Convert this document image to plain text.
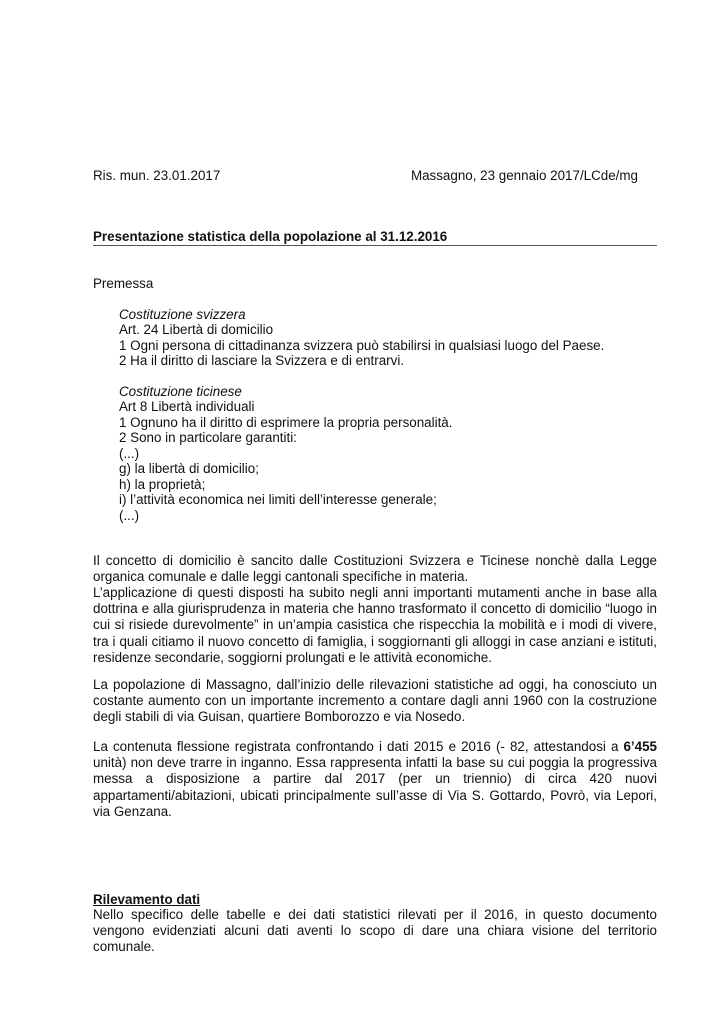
Ris. mun. 23.01.2017	Massagno, 23 gennaio 2017/LCde/mg
Presentazione statistica della popolazione al 31.12.2016
Premessa
Costituzione svizzera
Art. 24 Libertà di domicilio
1 Ogni persona di cittadinanza svizzera può stabilirsi in qualsiasi luogo del Paese.
2 Ha il diritto di lasciare la Svizzera e di entrarvi.
Costituzione ticinese
Art 8 Libertà individuali
1 Ognuno ha il diritto di esprimere la propria personalità.
2 Sono in particolare garantiti:
(...)
g) la libertà di domicilio;
h) la proprietà;
i) l’attività economica nei limiti dell’interesse generale;
(...)
Il concetto di domicilio è sancito dalle Costituzioni Svizzera e Ticinese nonchè dalla Legge organica comunale e dalle leggi cantonali specifiche in materia.
L’applicazione di questi disposti ha subito negli anni importanti mutamenti anche in base alla dottrina e alla giurisprudenza in materia che hanno trasformato il concetto di domicilio “luogo in cui si risiede durevolmente” in un’ampia casistica che rispecchia la mobilità e i modi di vivere, tra i quali citiamo il nuovo concetto di famiglia, i soggiornanti gli alloggi in case anziani e istituti, residenze secondarie, soggiorni prolungati e le attività economiche.
La popolazione di Massagno, dall’inizio delle rilevazioni statistiche ad oggi, ha conosciuto un costante aumento con un importante incremento a contare dagli anni 1960 con la costruzione degli stabili di via Guisan, quartiere Bomborozzo e via Nosedo.
La contenuta flessione registrata confrontando i dati 2015 e 2016 (- 82, attestandosi a 6’455 unità) non deve trarre in inganno. Essa rappresenta infatti la base su cui poggia la progressiva messa a disposizione a partire dal 2017 (per un triennio) di circa 420 nuovi appartamenti/abitazioni, ubicati principalmente sull’asse di Via S. Gottardo, Povrò, via Lepori, via Genzana.
Rilevamento dati
Nello specifico delle tabelle e dei dati statistici rilevati per il 2016, in questo documento vengono evidenziati alcuni dati aventi lo scopo di dare una chiara visione del territorio comunale.
